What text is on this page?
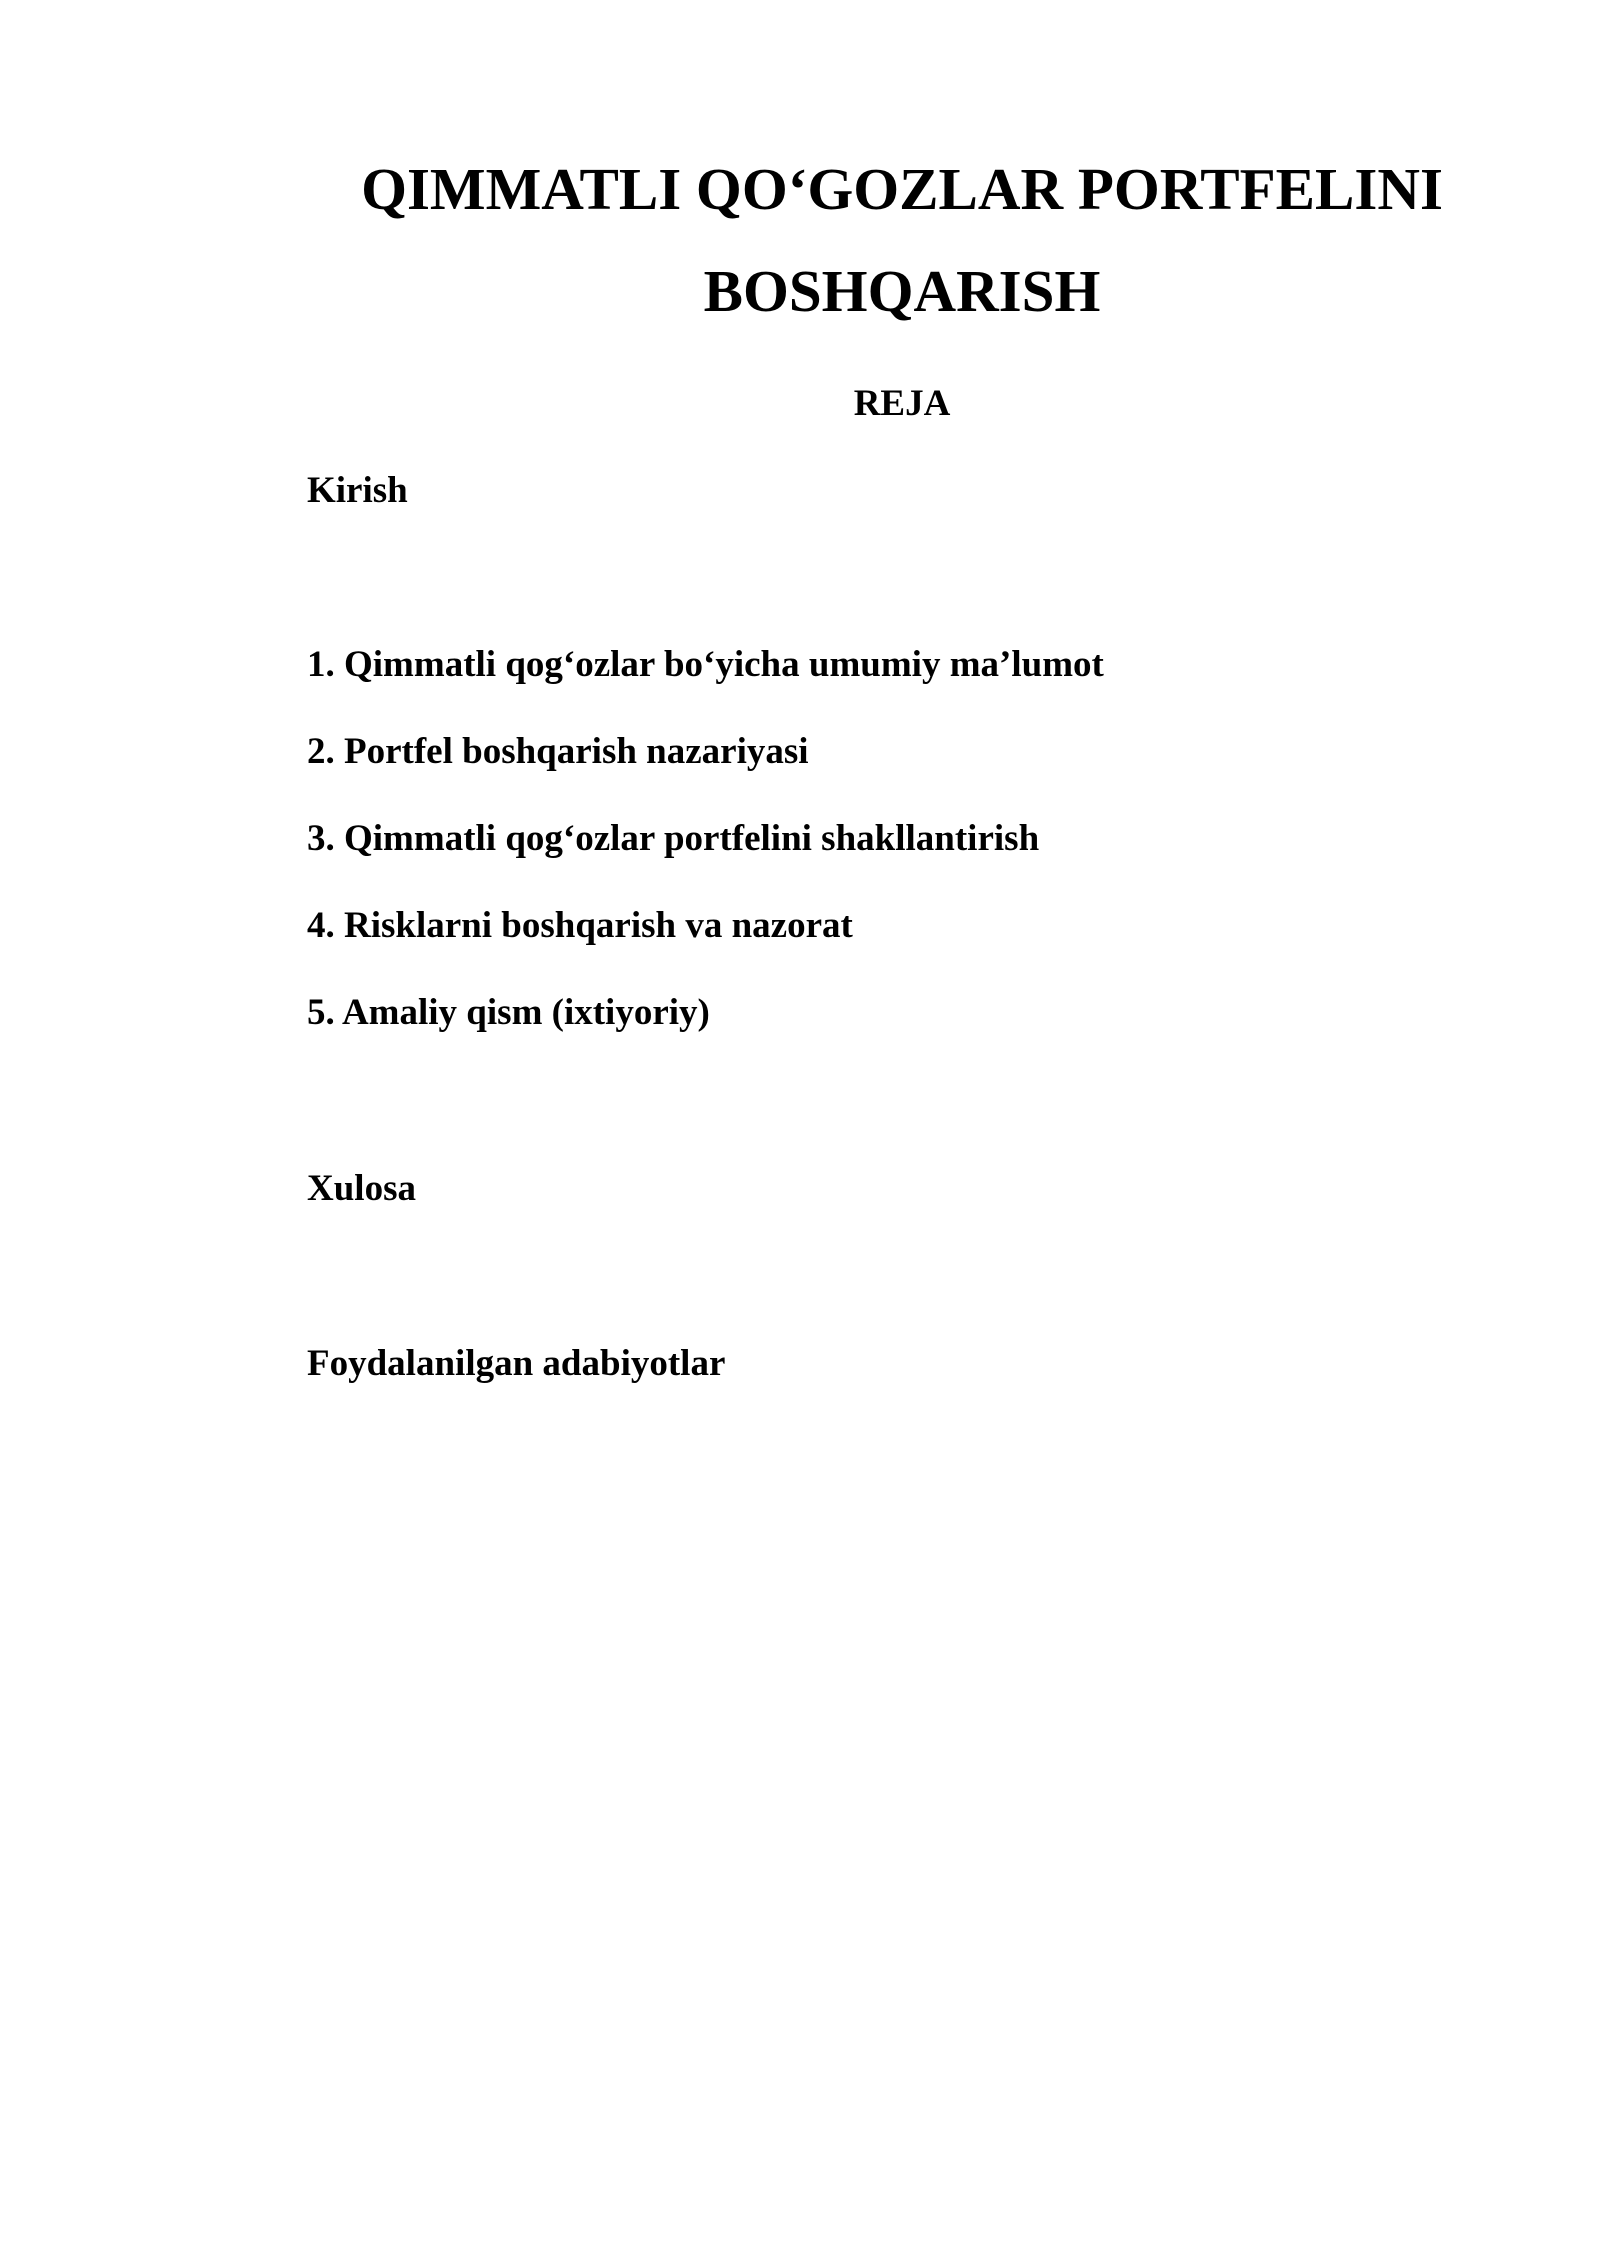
QIMMATLI QO‘GOZLAR PORTFELINI BOSHQARISH
REJA
Kirish
1. Qimmatli qog‘ozlar bo‘yicha umumiy ma’lumot
2. Portfel boshqarish nazariyasi
3. Qimmatli qog‘ozlar portfelini shakllantirish
4. Risklarni boshqarish va nazorat
5. Amaliy qism (ixtiyoriy)
Xulosa
Foydalanilgan adabiyotlar
